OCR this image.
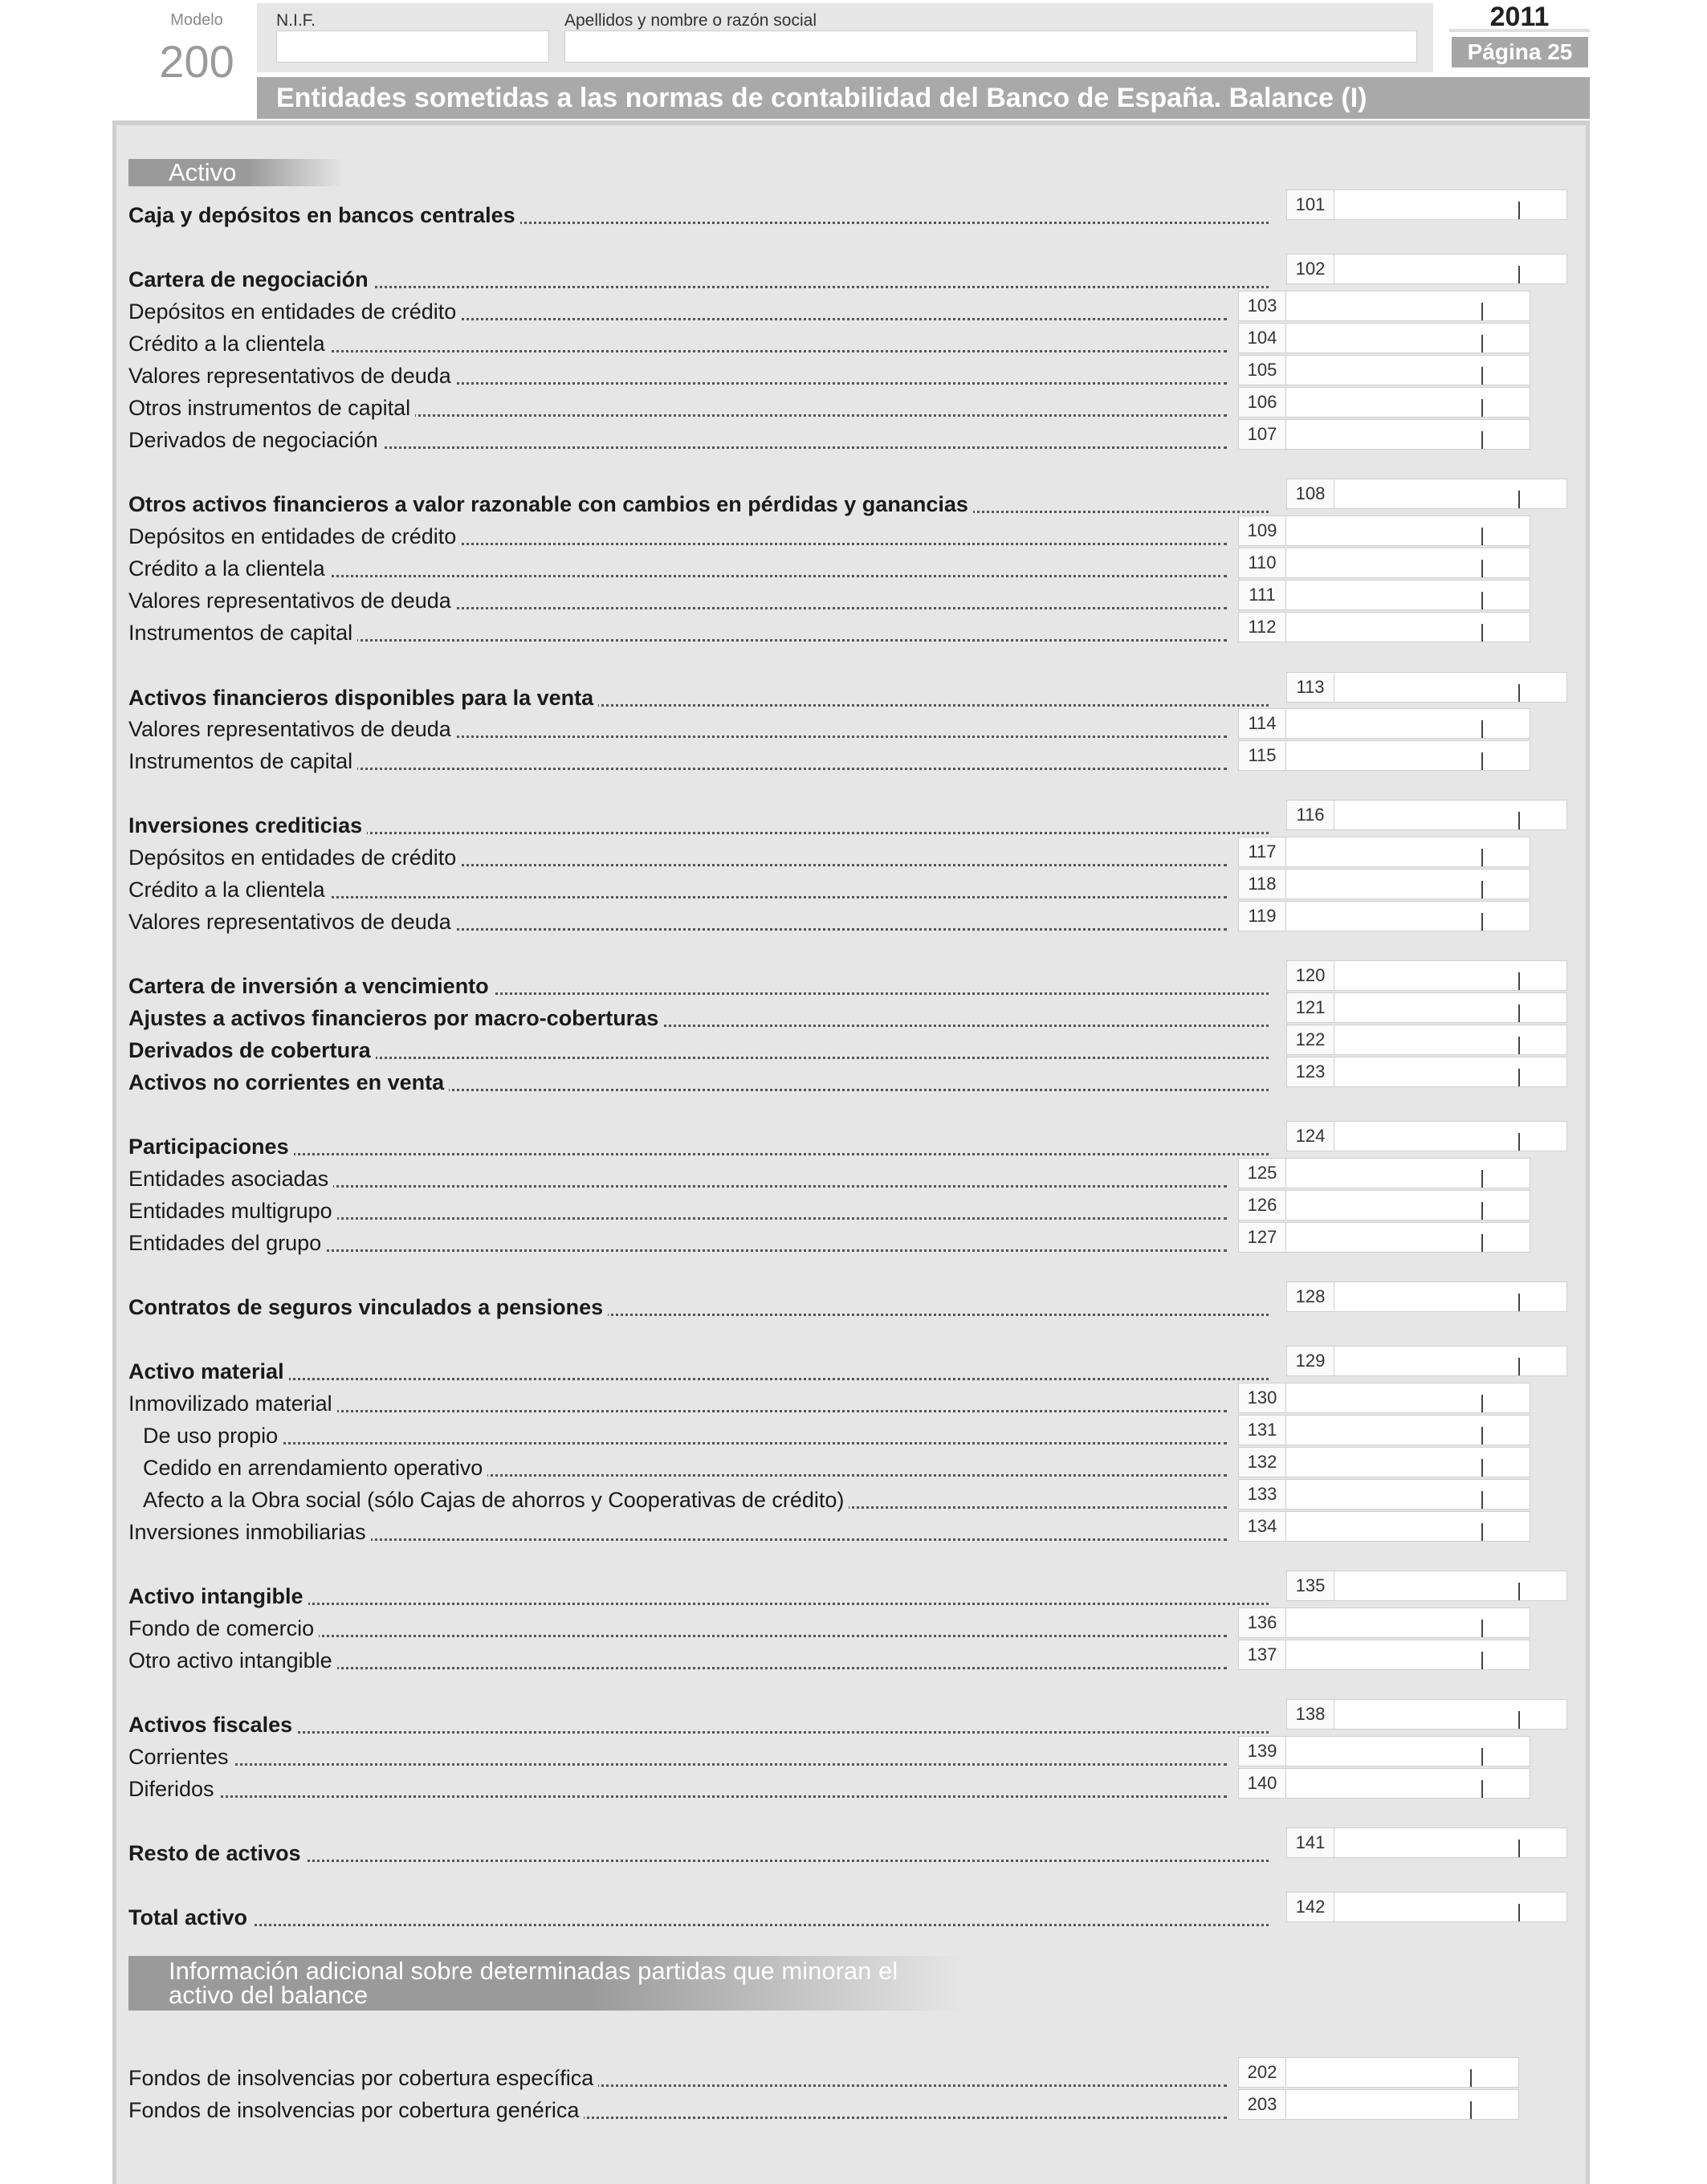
Modelo
200
N.I.F.	Apellidos y nombre o razón social	2011
Página 25
Entidades sometidas a las normas de contabilidad del Banco de España. Balance (I)
Activo
Información adicional sobre determinadas partidas que minoran el activo del balance
Caja y depósitos en bancos centrales	101
Cartera de negociación	102
Depósitos en entidades de crédito	103
Crédito a la clientela	104
Valores representativos de deuda	105
Otros instrumentos de capital	106
Derivados de negociación	107
Otros activos financieros a valor razonable con cambios en pérdidas y ganancias	108
Depósitos en entidades de crédito	109
Crédito a la clientela	110
Valores representativos de deuda	111
Instrumentos de capital	112
Activos financieros disponibles para la venta	113
Valores representativos de deuda	114
Instrumentos de capital	115
Inversiones crediticias	116
Depósitos en entidades de crédito	117
Crédito a la clientela	118
Valores representativos de deuda	119
Cartera de inversión a vencimiento	120
Ajustes a activos financieros por macro-coberturas	121
Derivados de cobertura	122
Activos no corrientes en venta	123
Participaciones	124
Entidades asociadas	125
Entidades multigrupo	126
Entidades del grupo	127
Contratos de seguros vinculados a pensiones	128
Activo material	129
Inmovilizado material	130
De uso propio	131
Cedido en arrendamiento operativo	132
Afecto a la Obra social (sólo Cajas de ahorros y Cooperativas de crédito)	133
Inversiones inmobiliarias	134
Activo intangible	135
Fondo de comercio	136
Otro activo intangible	137
Activos fiscales	138
Corrientes	139
Diferidos	140
Resto de activos	141
Total activo	142
Fondos de insolvencias por cobertura específica	202
Fondos de insolvencias por cobertura genérica	203
